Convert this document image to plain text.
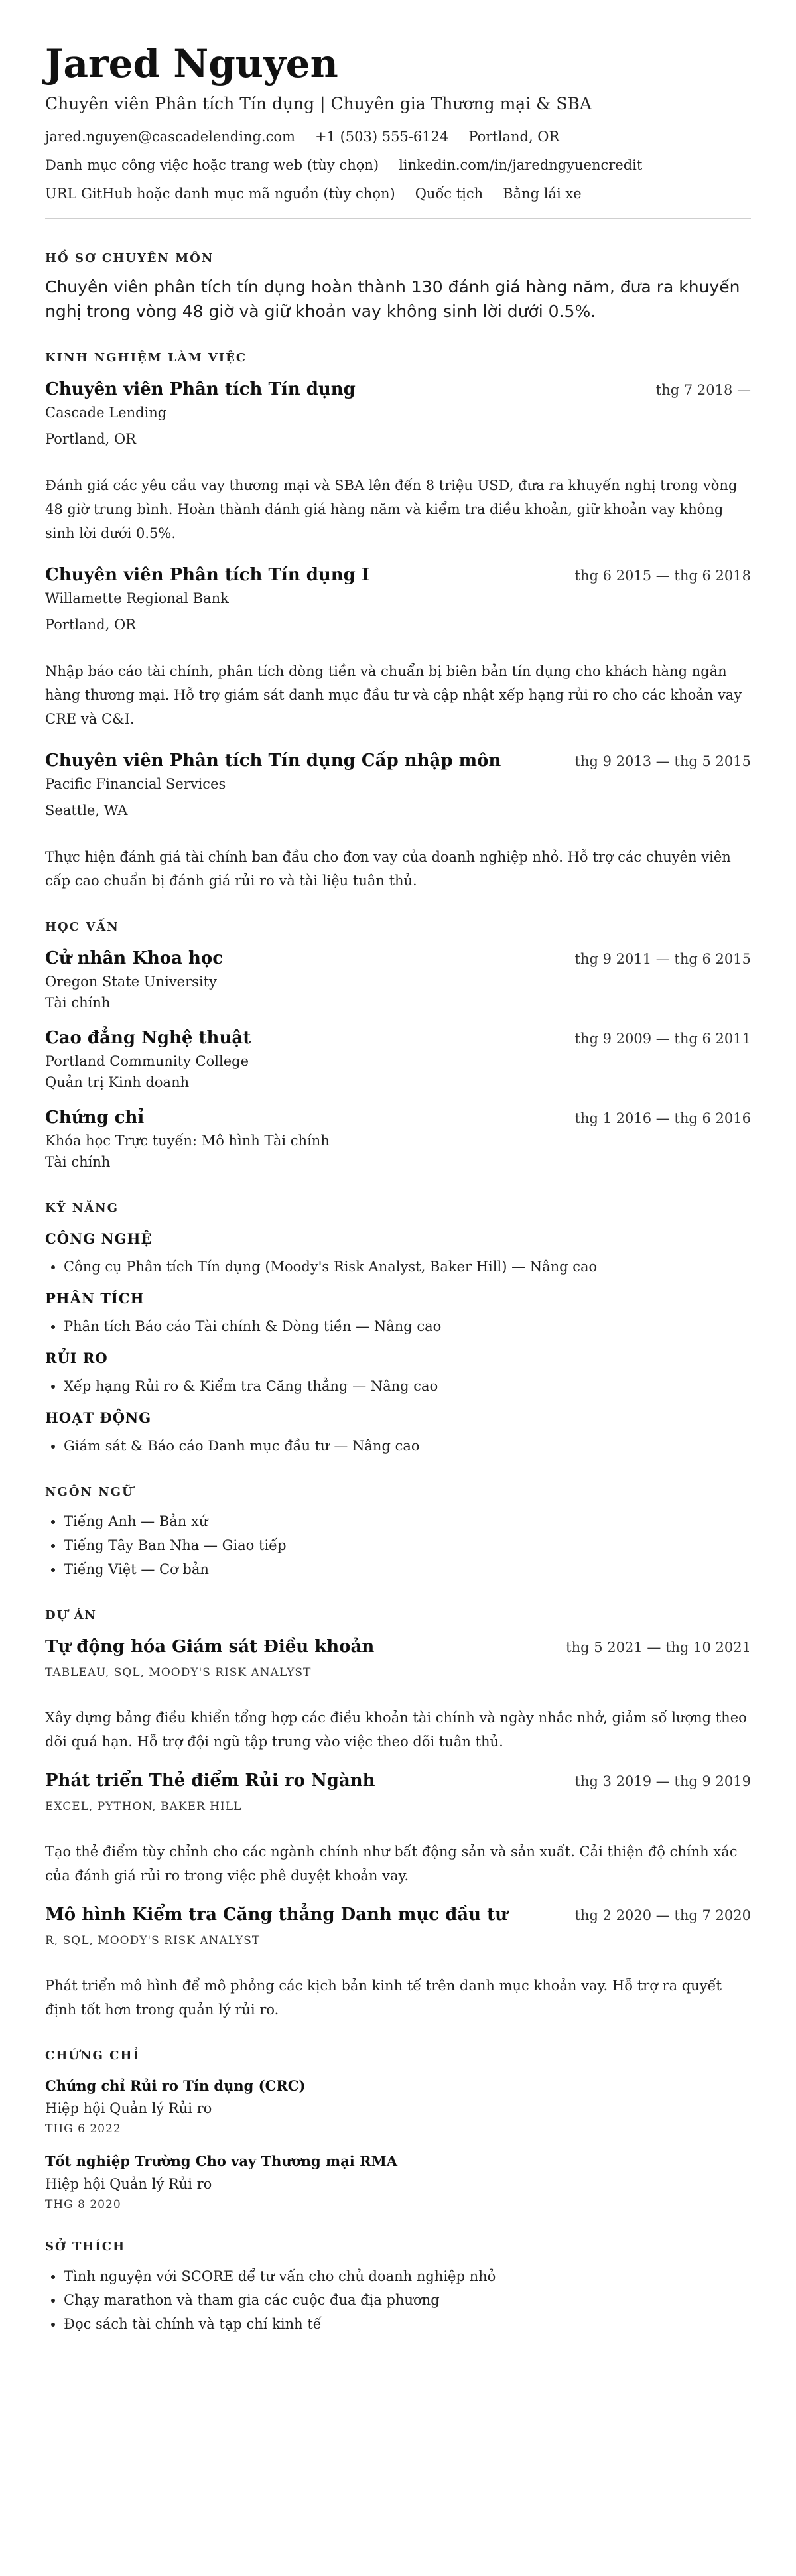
Jared Nguyen
Chuyên viên Phân tích Tín dụng | Chuyên gia Thương mại & SBA
jared.nguyen@cascadelending.com +1 (503) 555-6124 Portland, OR
Danh mục công việc hoặc trang web (tùy chọn) linkedin.com/in/jaredngyuencredit
URL GitHub hoặc danh mục mã nguồn (tùy chọn) Quốc tịch Bằng lái xe
HỒ SƠ CHUYÊN MÔN
Chuyên viên phân tích tín dụng hoàn thành 130 đánh giá hàng năm, đưa ra khuyến nghị trong vòng 48 giờ và giữ khoản vay không sinh lời dưới 0.5%.
KINH NGHIỆM LÀM VIỆC
Chuyên viên Phân tích Tín dụng	thg 7 2018 —
Cascade Lending
Portland, OR
Đánh giá các yêu cầu vay thương mại và SBA lên đến 8 triệu USD, đưa ra khuyến nghị trong vòng 48 giờ trung bình. Hoàn thành đánh giá hàng năm và kiểm tra điều khoản, giữ khoản vay không sinh lời dưới 0.5%.
Chuyên viên Phân tích Tín dụng I	thg 6 2015 — thg 6 2018
Willamette Regional Bank
Portland, OR
Nhập báo cáo tài chính, phân tích dòng tiền và chuẩn bị biên bản tín dụng cho khách hàng ngân hàng thương mại. Hỗ trợ giám sát danh mục đầu tư và cập nhật xếp hạng rủi ro cho các khoản vay CRE và C&I.
Chuyên viên Phân tích Tín dụng Cấp nhập môn	thg 9 2013 — thg 5 2015
Pacific Financial Services
Seattle, WA
Thực hiện đánh giá tài chính ban đầu cho đơn vay của doanh nghiệp nhỏ. Hỗ trợ các chuyên viên cấp cao chuẩn bị đánh giá rủi ro và tài liệu tuân thủ.
HỌC VẤN
Cử nhân Khoa học	thg 9 2011 — thg 6 2015
Oregon State University
Tài chính
Cao đẳng Nghệ thuật	thg 9 2009 — thg 6 2011
Portland Community College
Quản trị Kinh doanh
Chứng chỉ	thg 1 2016 — thg 6 2016
Khóa học Trực tuyến: Mô hình Tài chính
Tài chính
KỸ NĂNG
CÔNG NGHỆ
• Công cụ Phân tích Tín dụng (Moody's Risk Analyst, Baker Hill) — Nâng cao
PHÂN TÍCH
• Phân tích Báo cáo Tài chính & Dòng tiền — Nâng cao
RỦI RO
• Xếp hạng Rủi ro & Kiểm tra Căng thẳng — Nâng cao
HOẠT ĐỘNG
• Giám sát & Báo cáo Danh mục đầu tư — Nâng cao
NGÔN NGỮ
• Tiếng Anh — Bản xứ
• Tiếng Tây Ban Nha — Giao tiếp
• Tiếng Việt — Cơ bản
DỰ ÁN
Tự động hóa Giám sát Điều khoản	thg 5 2021 — thg 10 2021
TABLEAU, SQL, MOODY'S RISK ANALYST
Xây dựng bảng điều khiển tổng hợp các điều khoản tài chính và ngày nhắc nhở, giảm số lượng theo dõi quá hạn. Hỗ trợ đội ngũ tập trung vào việc theo dõi tuân thủ.
Phát triển Thẻ điểm Rủi ro Ngành	thg 3 2019 — thg 9 2019
EXCEL, PYTHON, BAKER HILL
Tạo thẻ điểm tùy chỉnh cho các ngành chính như bất động sản và sản xuất. Cải thiện độ chính xác của đánh giá rủi ro trong việc phê duyệt khoản vay.
Mô hình Kiểm tra Căng thẳng Danh mục đầu tư	thg 2 2020 — thg 7 2020
R, SQL, MOODY'S RISK ANALYST
Phát triển mô hình để mô phỏng các kịch bản kinh tế trên danh mục khoản vay. Hỗ trợ ra quyết định tốt hơn trong quản lý rủi ro.
CHỨNG CHỈ
Chứng chỉ Rủi ro Tín dụng (CRC)
Hiệp hội Quản lý Rủi ro
THG 6 2022
Tốt nghiệp Trường Cho vay Thương mại RMA
Hiệp hội Quản lý Rủi ro
THG 8 2020
SỞ THÍCH
• Tình nguyện với SCORE để tư vấn cho chủ doanh nghiệp nhỏ
• Chạy marathon và tham gia các cuộc đua địa phương
• Đọc sách tài chính và tạp chí kinh tế
